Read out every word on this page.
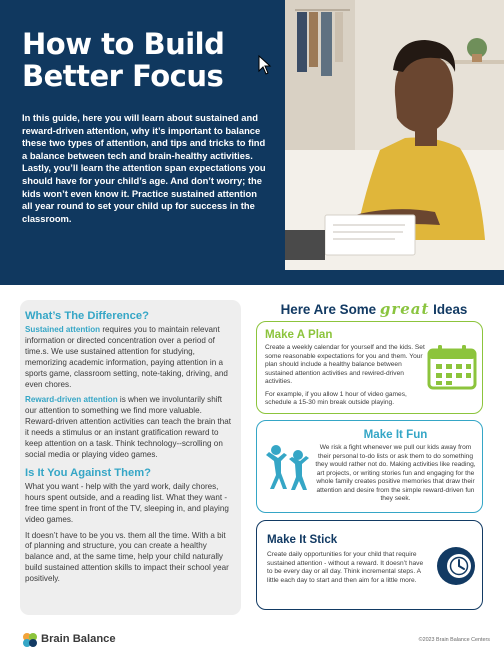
How to Build Better Focus
In this guide, here you will learn about sustained and reward-driven attention, why it’s important to balance these two types of attention, and tips and tricks to find a balance between tech and brain-healthy activities. Lastly, you’ll learn the attention span expectations you should have for your child’s age. And don’t worry; the kids won’t even know it. Practice sustained attention all year round to set your child up for success in the classroom.
What’s The Difference?

Sustained attention requires you to maintain relevant information or directed concentration over a period of time.s. We use sustained attention for studying, memorizing academic information, paying attention in a sports game, classroom setting, note-taking, driving, and even chores.

Reward-driven attention is when we involuntarily shift our attention to something we find more valuable. Reward-driven attention activities can teach the brain that it needs a stimulus or an instant gratification reward to keep attention on a task. Think technology--scrolling on social media or playing video games.

Is It You Against Them?

What you want - help with the yard work, daily chores, hours spent outside, and a reading list. What they want - free time spent in front of the TV, sleeping in, and playing video games.

It doesn’t have to be you vs. them all the time. With a bit of planning and structure, you can create a healthy balance and, at the same time, help your child naturally build sustained attention skills to impact their school year positively.

Here Are Some great Ideas
Make A Plan
Create a weekly calendar for yourself and the kids. Set some reasonable expectations for you and them. Your plan should include a healthy balance between sustained attention activities and rewired-driven activities.
For example, if you allow 1 hour of video games, schedule a 15-30 min break outside playing.
Make It Fun
We risk a fight whenever we pull our kids away from their personal to-do lists or ask them to do something they would rather not do. Making activities like reading, art projects, or writing stories fun and engaging for the whole family creates positive memories that draw their attention and desire from the simple reward-driven fun they seek.
Make It Stick
Create daily opportunities for your child that require sustained attention - without a reward. It doesn’t have to be every day or all day. Think incremental steps. A little each day to start and then aim for a little more.
Brain Balance	©2023 Brain Balance Centers
